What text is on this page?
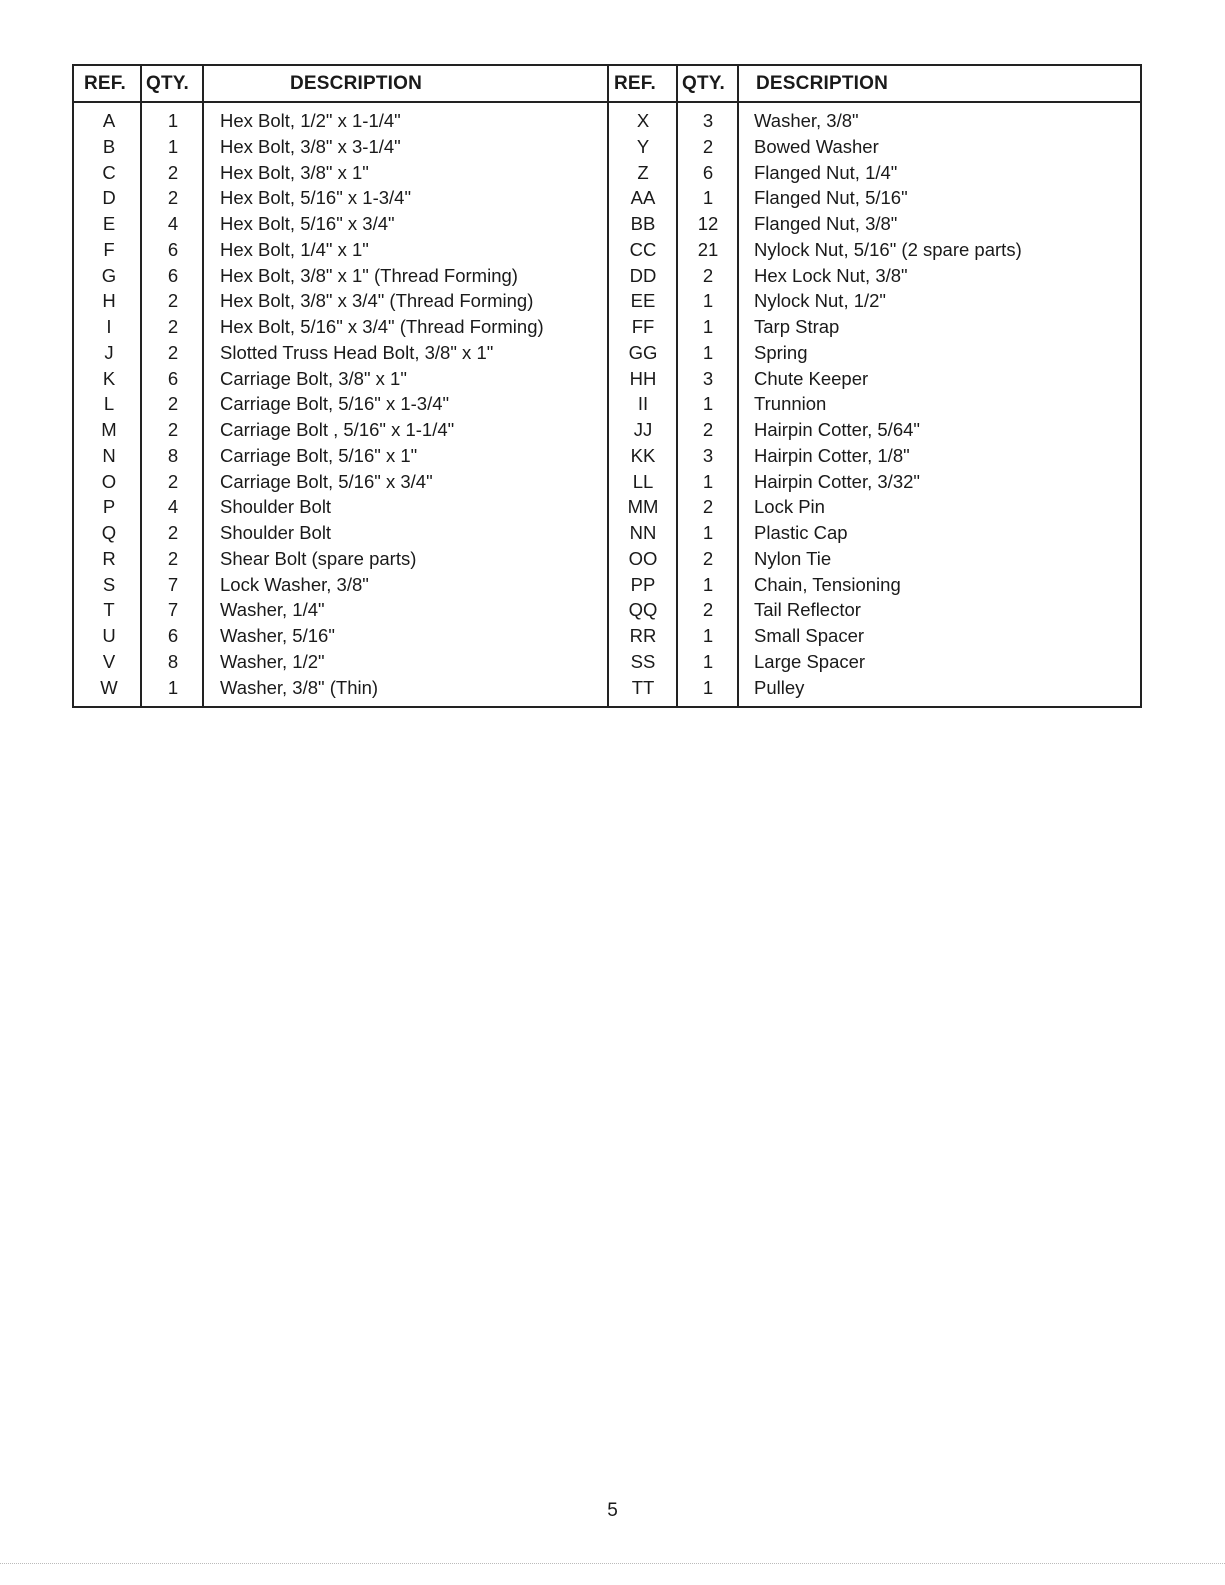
REF.	QTY.	DESCRIPTION	REF.	QTY.	DESCRIPTION
A	1	Hex Bolt, 1/2" x 1-1/4"
B	1	Hex Bolt, 3/8" x 3-1/4"
C	2	Hex Bolt, 3/8" x 1"
D	2	Hex Bolt, 5/16" x 1-3/4"
E	4	Hex Bolt, 5/16" x 3/4"
F	6	Hex Bolt, 1/4" x 1"
G	6	Hex Bolt, 3/8" x 1" (Thread Forming)
H	2	Hex Bolt, 3/8" x 3/4" (Thread Forming)
I	2	Hex Bolt, 5/16" x 3/4" (Thread Forming)
J	2	Slotted Truss Head Bolt, 3/8" x 1"
K	6	Carriage Bolt, 3/8" x 1"
L	2	Carriage Bolt, 5/16" x 1-3/4"
M	2	Carriage Bolt , 5/16" x 1-1/4"
N	8	Carriage Bolt, 5/16" x 1"
O	2	Carriage Bolt, 5/16" x 3/4"
P	4	Shoulder Bolt
Q	2	Shoulder Bolt
R	2	Shear Bolt (spare parts)
S	7	Lock Washer, 3/8"
T	7	Washer, 1/4"
U	6	Washer, 5/16"
V	8	Washer, 1/2"
W	1	Washer, 3/8" (Thin)
X	3	Washer, 3/8"
Y	2	Bowed Washer
Z	6	Flanged Nut, 1/4"
AA	1	Flanged Nut, 5/16"
BB	12	Flanged Nut, 3/8"
CC	21	Nylock Nut, 5/16" (2 spare parts)
DD	2	Hex Lock Nut, 3/8"
EE	1	Nylock Nut, 1/2"
FF	1	Tarp Strap
GG	1	Spring
HH	3	Chute Keeper
II	1	Trunnion
JJ	2	Hairpin Cotter, 5/64"
KK	3	Hairpin Cotter, 1/8"
LL	1	Hairpin Cotter, 3/32"
MM	2	Lock Pin
NN	1	Plastic Cap
OO	2	Nylon Tie
PP	1	Chain, Tensioning
QQ	2	Tail Reflector
RR	1	Small Spacer
SS	1	Large Spacer
TT	1	Pulley
5
